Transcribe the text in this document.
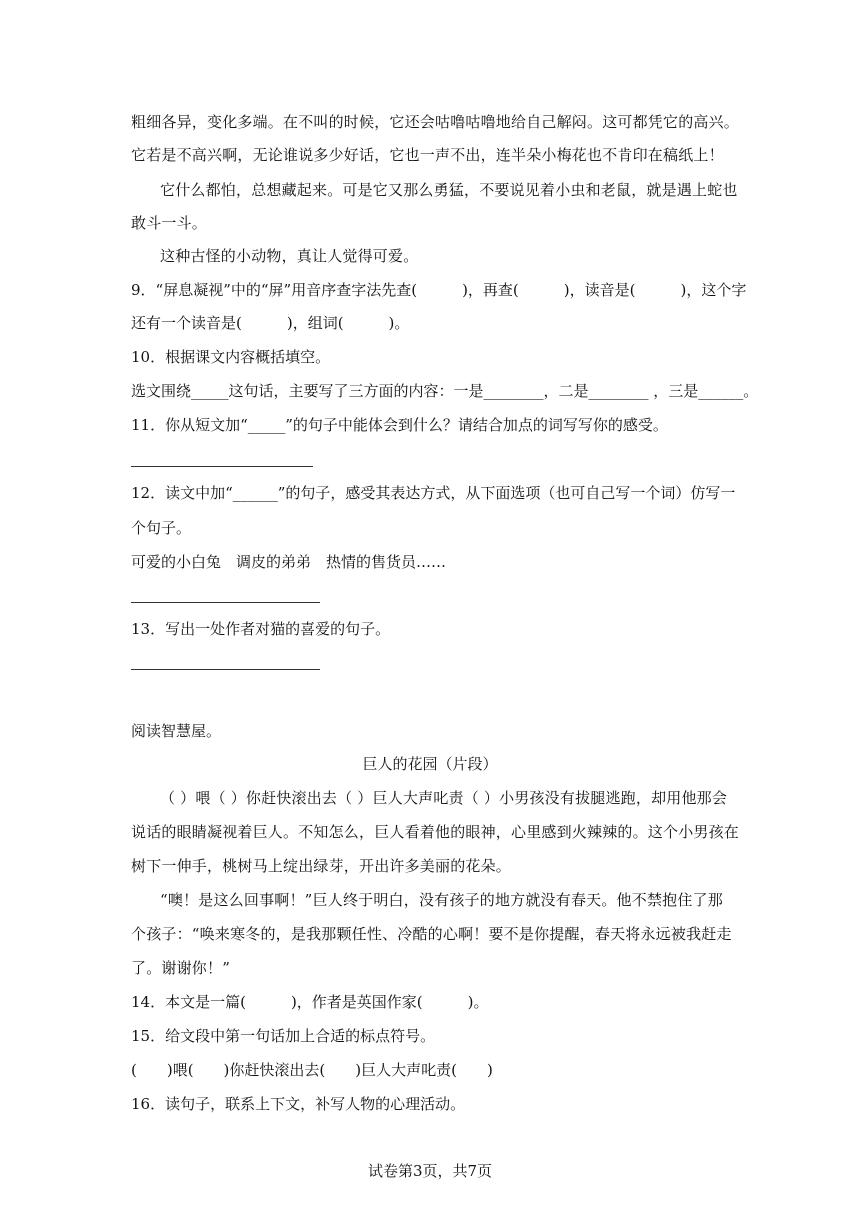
粗细各异，变化多端。在不叫的时候，它还会咕噜咕噜地给自己解闷。这可都凭它的高兴。
它若是不高兴啊，无论谁说多少好话，它也一声不出，连半朵小梅花也不肯印在稿纸上！
它什么都怕，总想藏起来。可是它又那么勇猛，不要说见着小虫和老鼠，就是遇上蛇也
敢斗一斗。
这种古怪的小动物，真让人觉得可爱。
9．“屏息凝视”中的“屏”用音序查字法先查(　　　)，再查(　　　)，读音是(　　　)，这个字
还有一个读音是(　　　)，组词(　　　)。
10．根据课文内容概括填空。
选文围绕_____这句话，主要写了三方面的内容：一是________，二是________ ，三是______。
11．你从短文加“_____”的句子中能体会到什么？请结合加点的词写写你的感受。
12．读文中加“______”的句子，感受其表达方式，从下面选项（也可自己写一个词）仿写一
个句子。
可爱的小白兔　调皮的弟弟　热情的售货员……
13．写出一处作者对猫的喜爱的句子。
阅读智慧屋。
巨人的花园（片段）
（ ）喂（ ）你赶快滚出去（ ）巨人大声叱责（ ）小男孩没有拔腿逃跑，却用他那会
说话的眼睛凝视着巨人。不知怎么，巨人看着他的眼神，心里感到火辣辣的。这个小男孩在
树下一伸手，桃树马上绽出绿芽，开出许多美丽的花朵。
“噢！是这么回事啊！”巨人终于明白，没有孩子的地方就没有春天。他不禁抱住了那
个孩子：“唤来寒冬的，是我那颗任性、冷酷的心啊！要不是你提醒，春天将永远被我赶走
了。谢谢你！”
14．本文是一篇(　　　)，作者是英国作家(　　　)。
15．给文段中第一句话加上合适的标点符号。
(　　)喂(　　)你赶快滚出去(　　)巨人大声叱责(　　)
16．读句子，联系上下文，补写人物的心理活动。
试卷第3页，共7页
